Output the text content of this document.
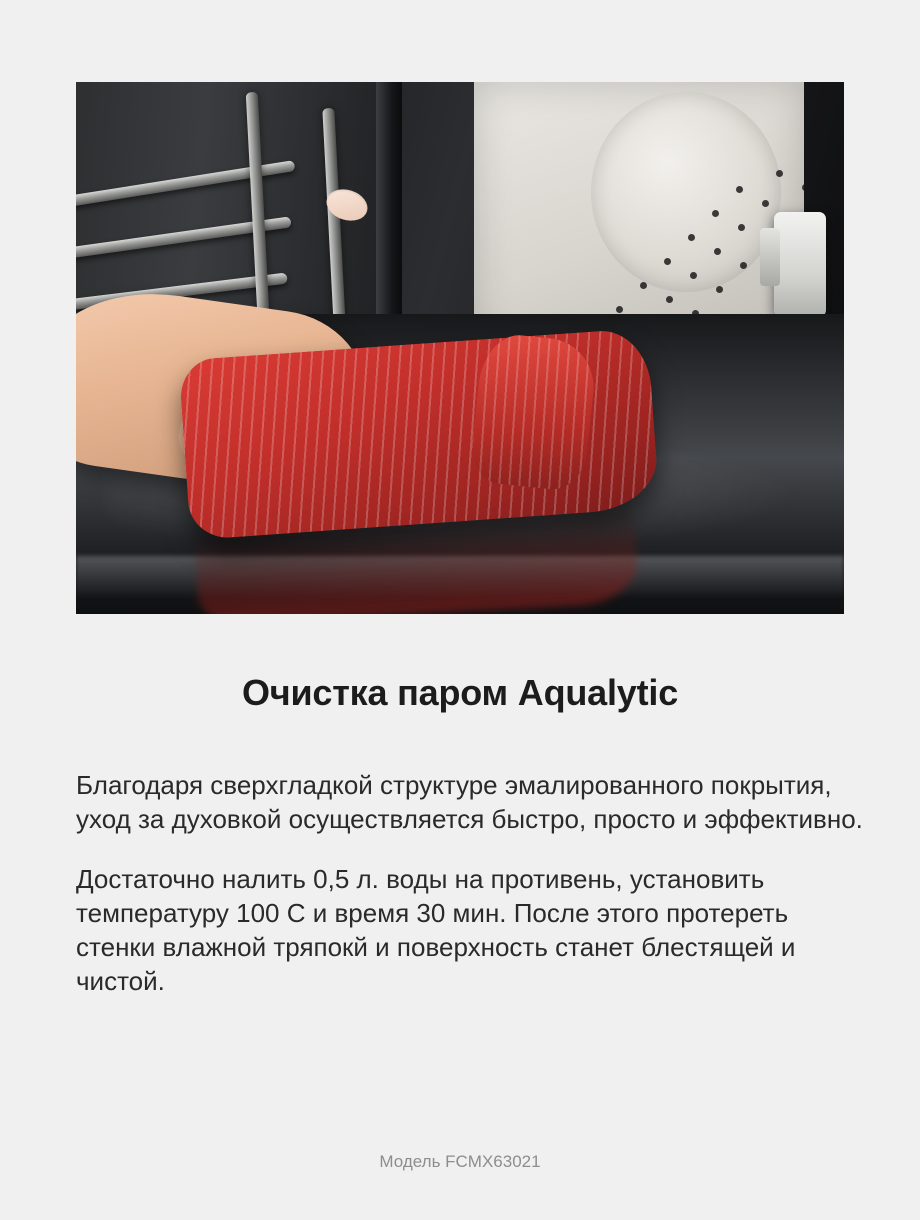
Очистка паром Aqualytic

Благодаря сверхгладкой структуре эмалированного покрытия, уход за духовкой осуществляется быстро, просто и эффективно.

Достаточно налить 0,5 л. воды на противень, установить температуру 100 С и время 30 мин. После этого протереть стенки влажной тряпокй и поверхность станет блестящей и чистой.

Модель FCMX63021
